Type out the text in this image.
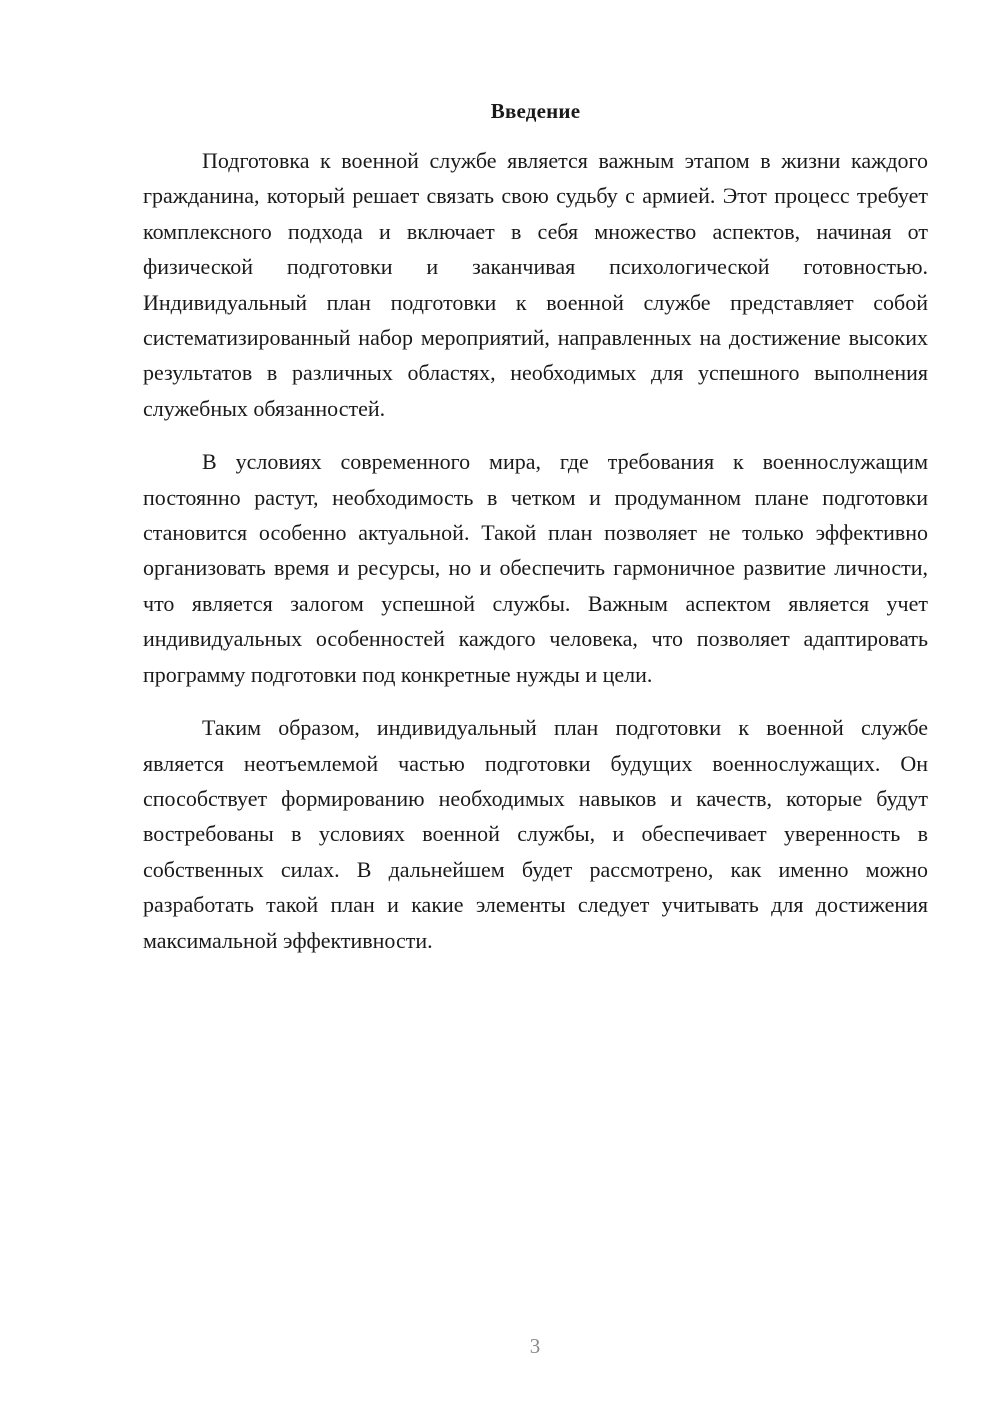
Введение

Подготовка к военной службе является важным этапом в жизни каждого гражданина, который решает связать свою судьбу с армией. Этот процесс требует комплексного подхода и включает в себя множество аспектов, начиная от физической подготовки и заканчивая психологической готовностью. Индивидуальный план подготовки к военной службе представляет собой систематизированный набор мероприятий, направленных на достижение высоких результатов в различных областях, необходимых для успешного выполнения служебных обязанностей.

В условиях современного мира, где требования к военнослужащим постоянно растут, необходимость в четком и продуманном плане подготовки становится особенно актуальной. Такой план позволяет не только эффективно организовать время и ресурсы, но и обеспечить гармоничное развитие личности, что является залогом успешной службы. Важным аспектом является учет индивидуальных особенностей каждого человека, что позволяет адаптировать программу подготовки под конкретные нужды и цели.

Таким образом, индивидуальный план подготовки к военной службе является неотъемлемой частью подготовки будущих военнослужащих. Он способствует формированию необходимых навыков и качеств, которые будут востребованы в условиях военной службы, и обеспечивает уверенность в собственных силах. В дальнейшем будет рассмотрено, как именно можно разработать такой план и какие элементы следует учитывать для достижения максимальной эффективности.

3
